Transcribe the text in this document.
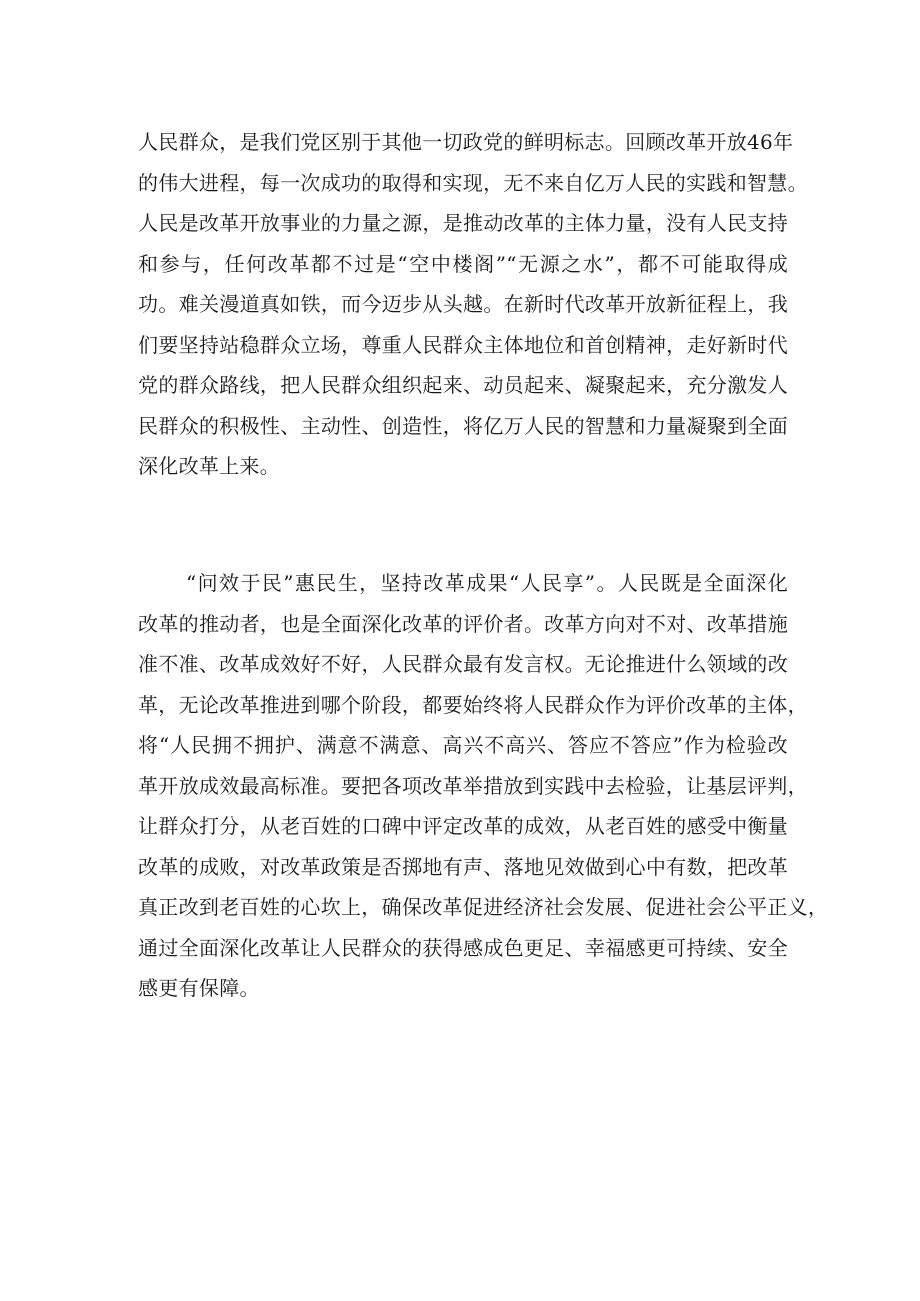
人民群众，是我们党区别于其他一切政党的鲜明标志。回顾改革开放46年
的伟大进程，每一次成功的取得和实现，无不来自亿万人民的实践和智慧。
人民是改革开放事业的力量之源，是推动改革的主体力量，没有人民支持
和参与，任何改革都不过是“空中楼阁”“无源之水”，都不可能取得成
功。难关漫道真如铁，而今迈步从头越。在新时代改革开放新征程上，我
们要坚持站稳群众立场，尊重人民群众主体地位和首创精神，走好新时代
党的群众路线，把人民群众组织起来、动员起来、凝聚起来，充分激发人
民群众的积极性、主动性、创造性，将亿万人民的智慧和力量凝聚到全面
深化改革上来。
“问效于民”惠民生，坚持改革成果“人民享”。人民既是全面深化
改革的推动者，也是全面深化改革的评价者。改革方向对不对、改革措施
准不准、改革成效好不好，人民群众最有发言权。无论推进什么领域的改
革，无论改革推进到哪个阶段，都要始终将人民群众作为评价改革的主体，
将“人民拥不拥护、满意不满意、高兴不高兴、答应不答应”作为检验改
革开放成效最高标准。要把各项改革举措放到实践中去检验，让基层评判，
让群众打分，从老百姓的口碑中评定改革的成效，从老百姓的感受中衡量
改革的成败，对改革政策是否掷地有声、落地见效做到心中有数，把改革
真正改到老百姓的心坎上，确保改革促进经济社会发展、促进社会公平正义，
通过全面深化改革让人民群众的获得感成色更足、幸福感更可持续、安全
感更有保障。
